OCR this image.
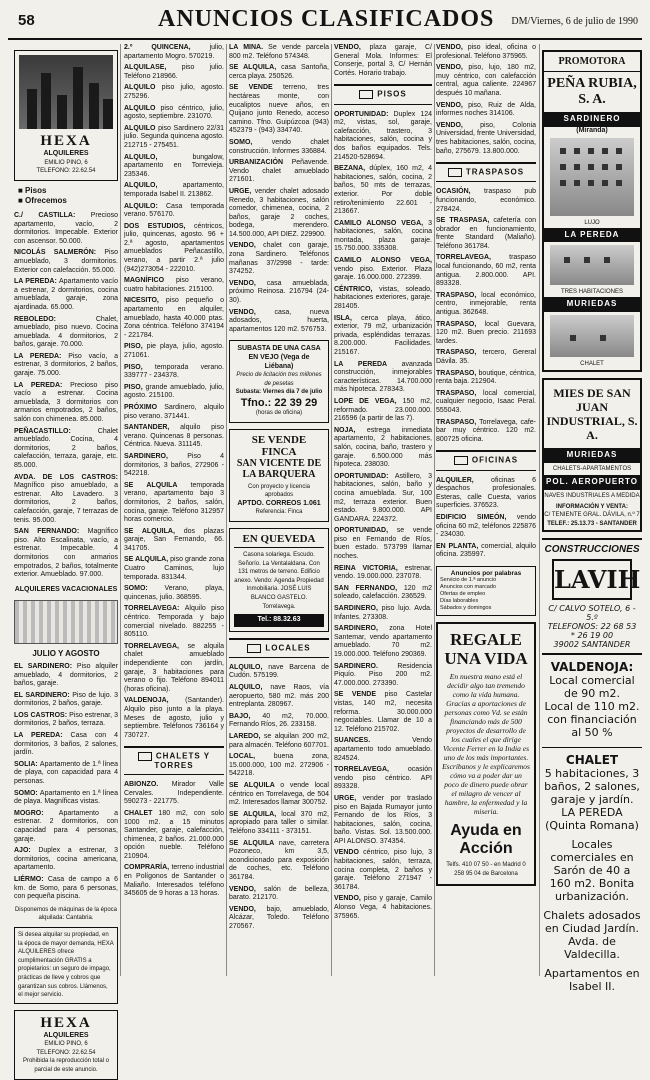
58	ANUNCIOS CLASIFICADOS DM/Viernes, 6 de julio de 1990
HEXA
ALQUILERES
EMILIO PINO, 6
TELEFONO: 22.62.54
■ Pisos
■ Ofrecemos
C./ CASTILLA: Precioso apartamento, vacío, 2 dormitorios. Impecable. Exterior con ascensor. 50.000.
NICOLÁS SALMERÓN: Piso amueblado, 3 dormitorios. Exterior con calefacción. 55.000.
LA PEREDA: Apartamento vacío a estrenar, 2 dormitorios, cocina amueblada, garaje, zona ajardinada. 65.000.
REBOLEDO: Chalet, amueblado, piso nuevo. Cocina amueblada. 4 dormitorios, 2 baños, garaje. 70.000.
LA PEREDA: Piso vacío, a estrenar, 3 dormitorios, 2 baños, garaje. 75.000.
LA PEREDA: Precioso piso vacío a estrenar. Cocina amueblada, 3 dormitorios con armarios empotrados, 2 baños, salón con chimenea. 85.000.
PEÑACASTILLO: Chalet amueblado. Cocina, 4 dormitorios, 2 baños, calefacción, terraza, garaje, etc. 85.000.
AVDA. DE LOS CASTROS: Magnífico piso amueblado, a estrenar. Alto Lavadero. 3 dormitorios, 2 baños, calefacción, garaje, 7 terrazas de tenis. 95.000.
SAN FERNANDO: Magnífico piso. Alto Escalinata, vacío, a estrenar. Impecable. 4 dormitorios con armarios empotrados, 2 baños, totalmente exterior. Amueblado. 97.000.
ALQUILERES VACACIONALES
JULIO Y AGOSTO
EL SARDINERO: Piso alquiler amueblado, 4 dormitorios, 2 baños, garaje.
EL SARDINERO: Piso de lujo. 3 dormitorios, 2 baños, garaje.
LOS CASTROS: Piso estrenar, 3 dormitorios, 2 baños, terraza.
LA PEREDA: Casa con 4 dormitorios, 3 baños, 2 salones, jardín.
SOLIA: Apartamento de 1.ª línea de playa, con capacidad para 4 personas.
SOMO: Apartamento en 1.ª línea de playa. Magníficas vistas.
MOGRO: Apartamento a estrenar. 2 dormitorios, con capacidad para 4 personas, garaje.
AJO: Duplex a estrenar, 3 dormitorios, cocina americana, apartamento.
LIÉRMO: Casa de campo a 6 km. de Somo, para 6 personas, con pequeña piscina.
Disponemos de máquinas de la época alquilada: Cantabria.
Si desea alquilar su propiedad, en la época de mayor demanda, HEXA ALQUILERES ofrece cumplimentación GRATIS a propietarios: un seguro de impago, prácticas de lleve y cobros que garantizan sus cobros. Llámenos, el mejor servicio.
HEXA
ALQUILERES
EMILIO PINO, 6
TELEFONO: 22.62.54
Prohibida la reproducción total o parcial de este anuncio.
2.º QUINCENA, julio, apartamento Mogro. 570219.
ALQUILASE, piso julio. Teléfono 218966.
ALQUILO piso julio, agosto. 275296.
ALQUILO piso céntrico, julio, agosto, septiembre. 231070.
ALQUILO piso Sardinero 22/31 julio. Segunda quincena agosto. 212715 - 275451.
ALQUILO, bungalow, apartamento en Torrevieja. 235346.
ALQUILO, apartamento, temporada Isabel II. 213862.
ALQUILO: Casa temporada verano. 576170.
DOS ESTUDIOS, céntricos, julio, quincenas, agosto. 96 + 2.ª agosto, apartamentos amueblados Peñacastillo, verano, a partir 2.ª julio (942)273054 - 222010.
MAGNÍFICO piso verano, cuatro habitaciones. 215100.
NICESITO, piso pequeño o apartamento en alquiler, amueblado, hasta 40.000 ptas. Zona céntrica. Teléfono 374194 - 221784.
PISO, pie playa, julio, agosto. 271061.
PISO, temporada verano. 339777 - 234378.
PISO, grande amueblado, julio, agosto. 215100.
PRÓXIMO Sardinero, alquilo piso verano. 371441.
SANTANDER, alquilo piso verano. Quincenas 8 personas. Céntrica. Nueva. 311145.
SARDINERO, Piso 4 dormitorios, 3 baños, 272906 - 542218.
SE ALQUILA temporada verano, apartamento bajo 3 dormitorios, 2 baños, salón, cocina, garaje. Teléfono 312957 horas comercio.
SE ALQUILA, dos plazas garaje, San Fernando, 66. 341705.
SE ALQUILA, piso grande zona Cuatro Caminos, lujo temporada. 831344.
SOMO: Verano, playa, quincenas, julio. 368595.
TORRELAVEGA: Alquilo piso céntrico. Temporada y bajo comercial nivelado. 882255 - 805110.
TORRELAVEGA, se alquila chalet amueblado independiente con jardín, garaje, 3 habitaciones para verano o fijo. Teléfono 894011 (horas oficina).
VALDENOJA, (Santander). Alquilo piso junto a la playa. Meses de agosto, julio y septiembre. Teléfonos 736164 y 730727.
CHALETS Y TORRES
ABIONZO. Mirador Valle Cervales. Independiente. 590273 - 221775.
CHALET 180 m2, con solo 1000 m2. a 15 minutos Santander, garaje, calefacción, chimenea, 2 baños. 21.000.000 opción nueble. Teléfono 210904.
COMPRARÍA, terreno industrial en Polígonos de Santander o Maliaño. Interesados teléfono 345605 de 9 horas a 13 horas.
LA MINA. Se vende parcela 800 m2. Teléfono 574348.
SE ALQUILA, casa Santoña, cerca playa. 250526.
SE VENDE terreno, tres hectáreas monte, con eucaliptos nueve años, en Quijano junto Renedo, acceso camino. Tfno. Guipúzcoa (943) 452379 - (943) 334740.
SOMO, vendo chalet construcción. Informes 336884.
URBANIZACIÓN Peñavende. Vendo chalet amueblado 271601.
URGE, vender chalet adosado Renedo, 3 habitaciones, salón comedor, chimenea, cocina, 2 baños, garaje 2 coches, bodega, merendero. 14.500.000, API DIEZ. 229900.
VENDO, chalet con garaje, zona Sardinero. Teléfonos mañanas 37/2998 - tarde: 374252.
VENDO, casa amueblada, próximo Reinosa. 216794 (24-30).
VENDO, casa, nueva adosados, huerta, apartamentos 120 m2. 576753.
SUBASTA DE UNA CASA EN VEJO (Vega de Liébana)
Precio de licitación tres millones de pesetas
Subasta: Viernes día 7 de julio
Tfno.: 22 39 29
(horas de oficina)
SE VENDE FINCA
SAN VICENTE DE LA BARQUERA
Con proyecto y licencia aprobados
APTDO. CORREOS 1.061
Referencia: Finca
EN QUEVEDA
Casona solariega. Escudo. Señorío. La Ventalaldana. Con 131 metros de terreno. Edificio anexo. Vendo: Agenda Propiedad Inmobiliaria. JOSÉ LUIS BLANCO GASTELO. Torrelavega.
Tel.: 88.32.63
LOCALES
ALQUILO, nave Barcena de Cudón. 575199.
ALQUILO, nave Raos, vía aeropuerto, 580 m2. más 200 entreplanta. 280967.
BAJO, 40 m2, 70.000. Fernando Ríos, 26. 233158.
LAREDO, se alquilan 200 m2, para almacén. Teléfono 607701.
LOCAL, buena zona, 15.000.000, 100 m2. 272906 - 542218.
SE ALQUILA o vende local céntrico en Torrelavega, de 504 m2. Interesados llamar 300752.
SE ALQUILA, local 370 m2, apropiado para taller o similar. Teléfono 334111 - 373151.
SE ALQUILA nave, carretera Pozoneco, km 3,5, acondicionado para exposición de coches, etc. Teléfono 361784.
VENDO, salón de belleza, barato. 212170.
VENDO, bajo, amueblado, Alcázar, Toledo. Teléfono 270567.
VENDO, plaza garaje, C/ General Mola. Informes: El Conserje, portal 3, C/ Hernán Cortés. Horario trabajo.
PISOS
OPORTUNIDAD: Duplex 124 m2, vistas, sol, garaje, calefacción, trastero, 3 habitaciones, salón, cocina y dos baños equipados. Tels. 214520-528694.
BEZANA, dúplex, 160 m2, 4 habitaciones, salón, cocina, 2 baños, 50 mts de terrazas, exterior. Por doble retiro/tenimiento 22.601 - 213667.
CAMILO ALONSO VEGA, 3 habitaciones, salón, cocina montada, plaza garaje. 15.750.000. 335308.
CAMILO ALONSO VEGA, vendo piso. Exterior. Plaza garaje. 16.000.000. 272399.
CÉNTRICO, vistas, soleado, habitaciones exteriores, garaje. 281405.
ISLA, cerca playa, ático, exterior, 79 m2, urbanización privada, espléndidas terrazas. 8.200.000. Facilidades. 215167.
LA PEREDA avanzada construcción, inmejorables características. 14.700.000 más hipoteca. 278343.
LOPE DE VEGA, 150 m2, reformado. 23.000.000. 216596 (a partir de las 7).
NOJA, estrega inmediata apartamento, 2 habitaciones, salón, cocina, baño, trastero y garaje. 6.500.000 más hipoteca. 238030.
OPORTUNIDAD: Astillero, 3 habitaciones, salón, baño y cocina amueblada. Sur, 100 m2, terraza exterior. Buen estado. 9.800.000. API GANDARA. 224372.
OPORTUNIDAD, se vende piso en Fernando de Ríos, buen estado. 573799 llamar noches.
REINA VICTORIA, estrenar, vendo. 19.000.000. 237078.
SAN FERNANDO, 120 m2 soleado, calefacción. 236529.
SARDINERO, piso lujo. Avda. Infantes. 273308.
SARDINERO, zona Hotel Santemar, vendo apartamento amueblado. 70 m2. 19.000.000. Teléfono 290369.
SARDINERO. Residencia Piquío. Piso 200 m2. 47.000.000. 273390.
SE VENDE piso Castelar vistas, 140 m2, necesita reforma. 30.000.000 negociables. Llamar de 10 a 12. Teléfono 215702.
SUANCES. Vendo apartamento todo amueblado. 824524.
TORRELAVEGA, ocasión vendo piso céntrico. API 893328.
URGE, vender por traslado piso en Bajada Rumayor junto Fernando de los Ríos, 3 habitaciones, salón, cocina, baño. Vistas. Sol. 13.500.000. API ALONSO. 374354.
VENDO céntrico, piso lujo, 3 habitaciones, salón, terraza, cocina completa, 2 baños y garaje. Teléfono 271947 - 361784.
VENDO, piso y garaje, Camilo Alonso Vega, 4 habitaciones. 375965.
VENDO, piso ideal, oficina o profesional. Teléfono 375965.
VENDO, piso, lujo, 180 m2, muy céntrico, con calefacción central, agua caliente. 224967 después 10 mañana.
VENDO, piso, Ruiz de Alda, informes noches 314106.
VENDO, piso, Colonia Universidad, frente Universidad, tres habitaciones, salón, cocina, baño, 275679. 13.800.000.
TRASPASOS
OCASIÓN, traspaso pub funcionando, económico. 278424.
SE TRASPASA, cafetería con obrador en funcionamiento, frente Standard (Maliaño). Teléfono 361784.
TORRELAVEGA, traspaso local funcionando, 60 m2, renta antigua. 2.800.000. API. 893328.
TRASPASO, local económico, centro, inmejorable, renta antigua. 362648.
TRASPASO, local Guevara, 120 m2. Buen precio. 211693 tardes.
TRASPASO, tercero, Gereral Dávila. 35.
TRASPASO, boutique, céntrica, renta baja. 212904.
TRASPASO, local comercial, cualquier negocio, Isaac Peral. 555043.
TRASPASO, Torrelavega, cafe-bar muy céntrico. 120 m2. 800725 oficina.
OFICINAS
ALQUILER, oficinas 6 despachos profesionales. Esteras, calle Cuesta, varios superficies. 376523.
EDIFICIO SIMEÓN, vendo oficina 60 m2, teléfonos 225876 - 234030.
EN PLANTA, comercial, alquilo oficina. 235997.
Anuncios por palabras
Servicio de 1.ª anuncio
Anuncios con marcado
Ofertas de empleo
Días laborables
Sábados y domingos
REGALE UNA VIDA
En nuestra mano está el decidir algo tan tremendo como la vida humana. Gracias a aportaciones de personas como Vd. se están financiando más de 500 proyectos de desarrollo de los cuales el que dirige Vicente Ferrer en la India es uno de los más importantes. Escríbanos y le explicaremos cómo va a poder dar un poco de dinero puede obrar el milagro de vencer al hambre, la enfermedad y la miseria.
Ayuda en Acción
Telfs. 410 07 50 - en Madrid 0 258 95 04 de Barcelona
PROMOTORA
PEÑA RUBIA, S. A.
SARDINERO
(Miranda)
LUJO
LA PEREDA
TRES HABITACIONES
MURIEDAS
CHALET
MIES DE SAN JUAN INDUSTRIAL, S. A.
MURIEDAS
CHALETS-APARTAMENTOS
POL. AEROPUERTO
NAVES INDUSTRIALES A MEDIDA
INFORMACIÓN Y VENTA:
C/ TENIENTE GRAL. DÁVILA, n.º 7
TELEF.: 25.13.73 - SANTANDER
CONSTRUCCIONES
LAVIH
C/ CALVO SOTELO, 6 - 5.º
TELEFONOS: 22 68 53
* 26 19 00
39002 SANTANDER
VALDENOJA:
Local comercial de 90 m2.
Local de 110 m2. con financiación al 50 %
CHALET
5 habitaciones, 3 baños, 2 salones, garaje y jardín.
LA PEREDA (Quinta Romana)
Locales comerciales en Sarón de 40 a 160 m2. Bonita urbanización.
Chalets adosados en Ciudad Jardín. Avda. de Valdecilla.
Apartamentos en Isabel II.
